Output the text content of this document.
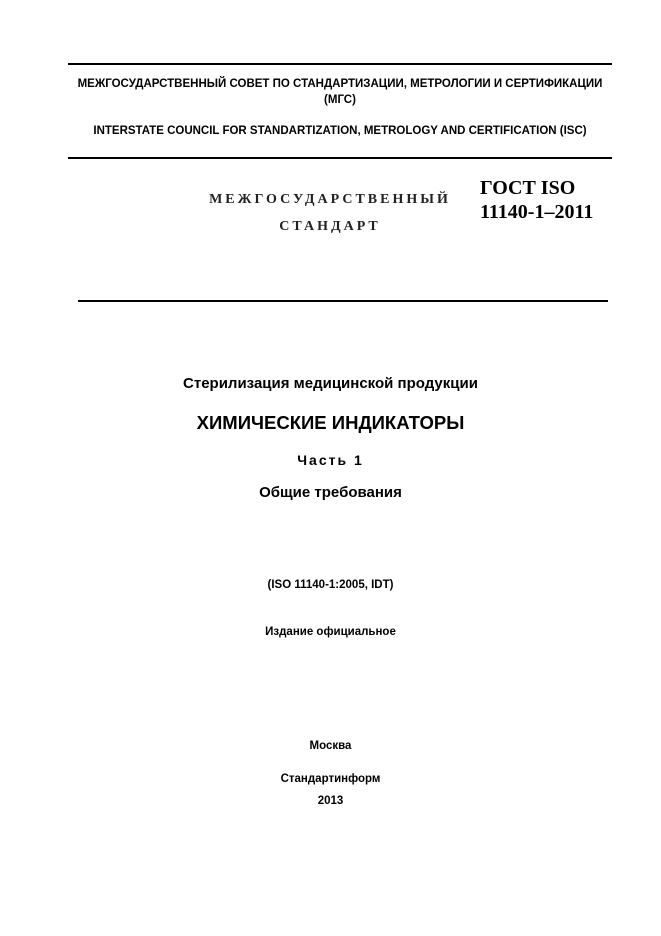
МЕЖГОСУДАРСТВЕННЫЙ СОВЕТ ПО СТАНДАРТИЗАЦИИ, МЕТРОЛОГИИ И СЕРТИФИКАЦИИ (МГС)
INTERSTATE COUNCIL FOR STANDARTIZATION, METROLOGY AND CERTIFICATION (ISC)
МЕЖГОСУДАРСТВЕННЫЙ
СТАНДАРТ
ГОСТ ISO 11140-1–2011
Стерилизация медицинской продукции
ХИМИЧЕСКИЕ ИНДИКАТОРЫ
Часть 1
Общие требования
(ISO 11140-1:2005, IDT)
Издание официальное
Москва
Стандартинформ
2013
